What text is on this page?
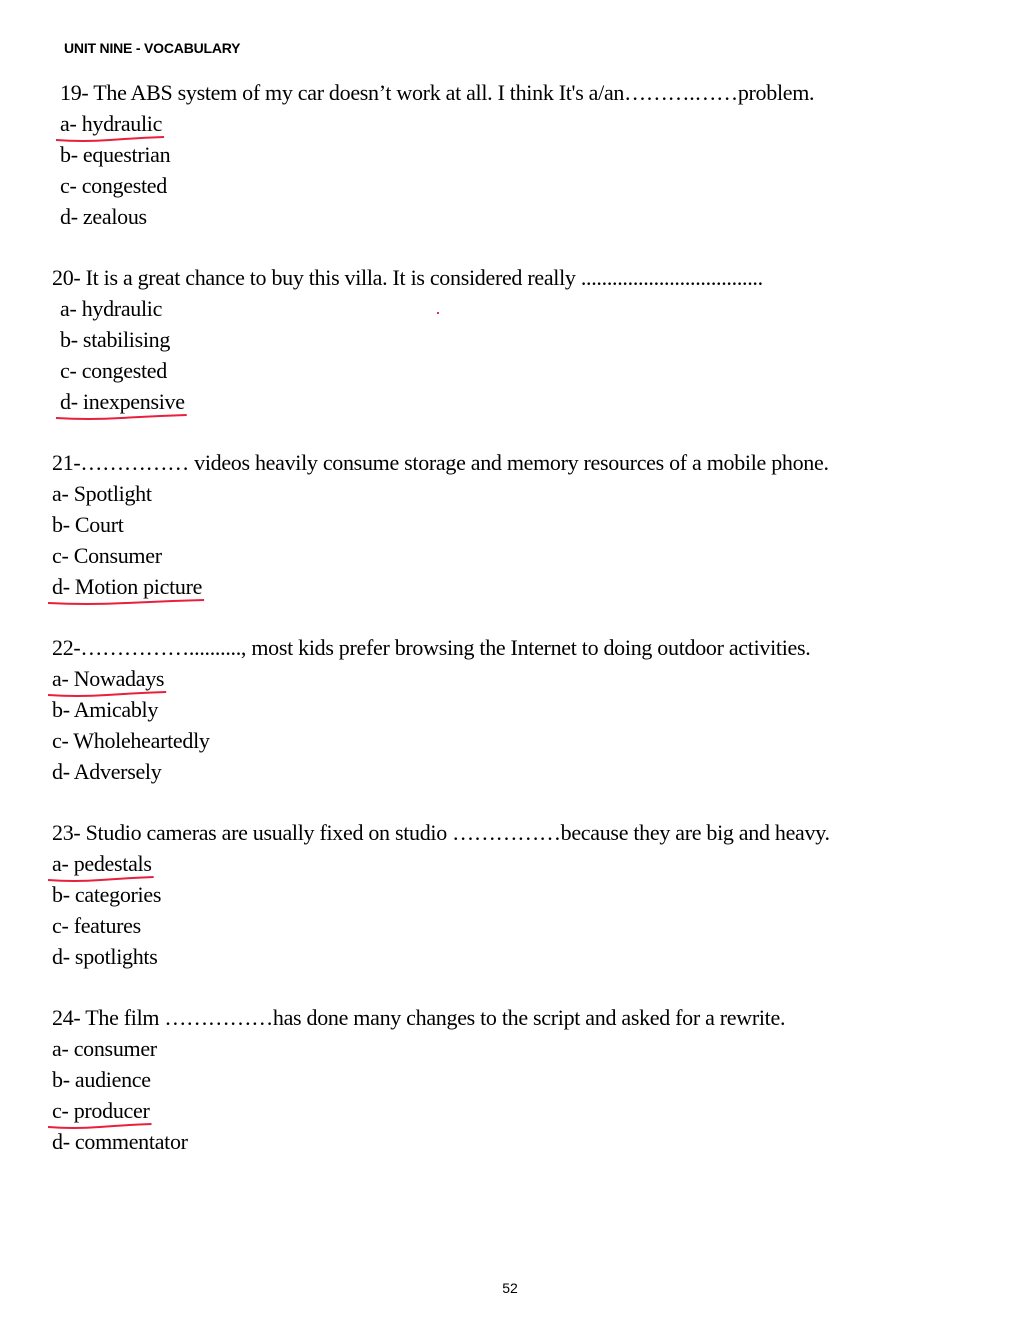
UNIT NINE - VOCABULARY
19- The ABS system of my car doesn’t work at all. I think It's a/an……….……problem.
a- hydraulic
b- equestrian
c- congested
d- zealous
20- It is a great chance to buy this villa. It is considered really ...................................
a- hydraulic
b- stabilising
c- congested
d- inexpensive
21-…………… videos heavily consume storage and memory resources of a mobile phone.
a- Spotlight
b- Court
c- Consumer
d- Motion picture
22-…………….........., most kids prefer browsing the Internet to doing outdoor activities.
a- Nowadays
b- Amicably
c- Wholeheartedly
d- Adversely
23- Studio cameras are usually fixed on studio ……………because they are big and heavy.
a- pedestals
b- categories
c- features
d- spotlights
24- The film ……………has done many changes to the script and asked for a rewrite.
a- consumer
b- audience
c- producer
d- commentator
52
